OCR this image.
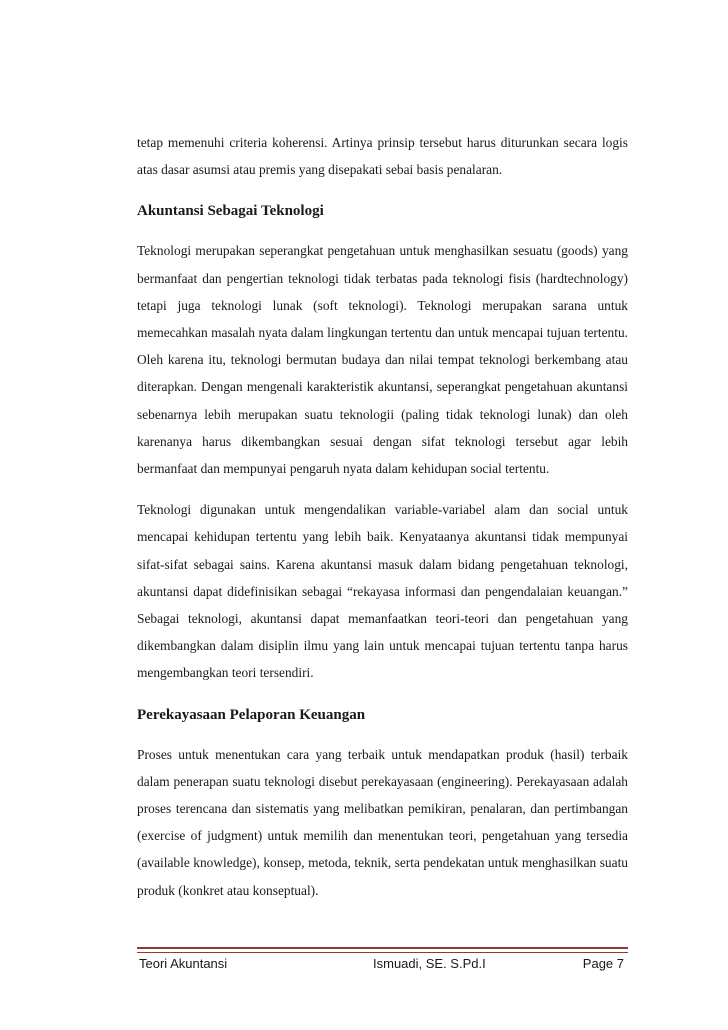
tetap memenuhi criteria koherensi. Artinya prinsip tersebut harus diturunkan secara logis atas dasar asumsi atau premis yang disepakati sebai basis penalaran.

Akuntansi Sebagai Teknologi

Teknologi merupakan seperangkat pengetahuan untuk menghasilkan sesuatu (goods) yang bermanfaat dan pengertian teknologi tidak terbatas pada teknologi fisis (hardtechnology) tetapi juga teknologi lunak (soft teknologi). Teknologi merupakan sarana untuk memecahkan masalah nyata dalam lingkungan tertentu dan untuk mencapai tujuan tertentu. Oleh karena itu, teknologi bermutan budaya dan nilai tempat teknologi berkembang atau diterapkan. Dengan mengenali karakteristik akuntansi, seperangkat pengetahuan akuntansi sebenarnya lebih merupakan suatu teknologii (paling tidak teknologi lunak) dan oleh karenanya harus dikembangkan sesuai dengan sifat teknologi tersebut agar lebih bermanfaat dan mempunyai pengaruh nyata dalam kehidupan social tertentu.

Teknologi digunakan untuk mengendalikan variable-variabel alam dan social untuk mencapai kehidupan tertentu yang lebih baik. Kenyataanya akuntansi tidak mempunyai sifat-sifat sebagai sains. Karena akuntansi masuk dalam bidang pengetahuan teknologi, akuntansi dapat didefinisikan sebagai “rekayasa informasi dan pengendalaian keuangan.” Sebagai teknologi, akuntansi dapat memanfaatkan teori-teori dan pengetahuan yang dikembangkan dalam disiplin ilmu yang lain untuk mencapai tujuan tertentu tanpa harus mengembangkan teori tersendiri.

Perekayasaan Pelaporan Keuangan

Proses untuk menentukan cara yang terbaik untuk mendapatkan produk (hasil) terbaik dalam penerapan suatu teknologi disebut perekayasaan (engineering). Perekayasaan adalah proses terencana dan sistematis yang melibatkan pemikiran, penalaran, dan pertimbangan (exercise of judgment) untuk memilih dan menentukan teori, pengetahuan yang tersedia (available knowledge), konsep, metoda, teknik, serta pendekatan untuk menghasilkan suatu produk (konkret atau konseptual).

Teori Akuntansi	Ismuadi, SE. S.Pd.I	Page 7
